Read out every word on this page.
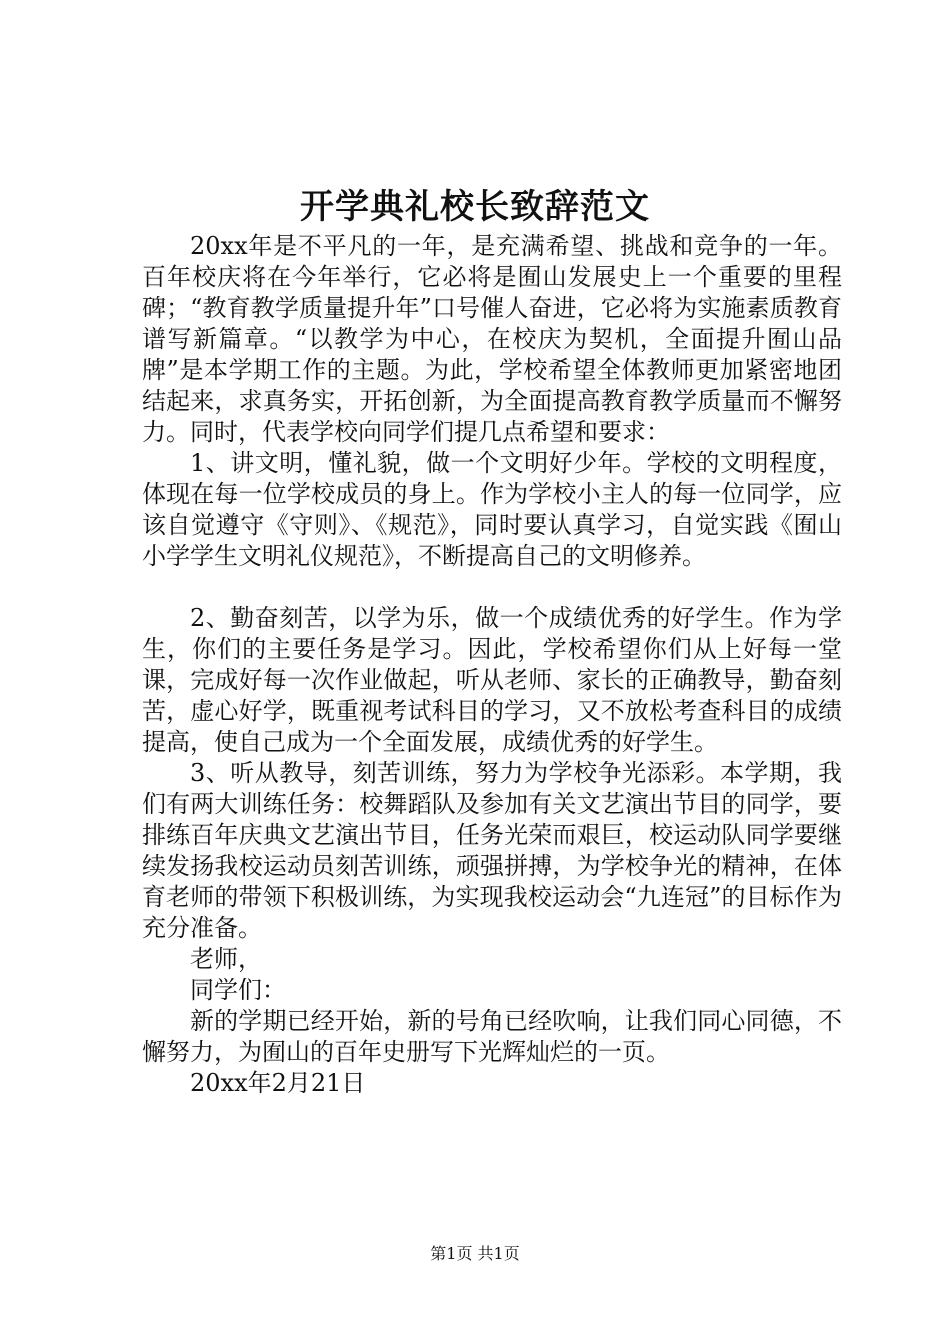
开学典礼校长致辞范文

20xx年是不平凡的一年，是充满希望、挑战和竞争的一年。百年校庆将在今年举行，它必将是囿山发展史上一个重要的里程碑；“教育教学质量提升年”口号催人奋进，它必将为实施素质教育谱写新篇章。“以教学为中心，在校庆为契机，全面提升囿山品牌”是本学期工作的主题。为此，学校希望全体教师更加紧密地团结起来，求真务实，开拓创新，为全面提高教育教学质量而不懈努力。同时，代表学校向同学们提几点希望和要求：

1、讲文明，懂礼貌，做一个文明好少年。学校的文明程度，体现在每一位学校成员的身上。作为学校小主人的每一位同学，应该自觉遵守《守则》、《规范》，同时要认真学习，自觉实践《囿山小学学生文明礼仪规范》，不断提高自己的文明修养。

2、勤奋刻苦，以学为乐，做一个成绩优秀的好学生。作为学生，你们的主要任务是学习。因此，学校希望你们从上好每一堂课，完成好每一次作业做起，听从老师、家长的正确教导，勤奋刻苦，虚心好学，既重视考试科目的学习，又不放松考查科目的成绩提高，使自己成为一个全面发展，成绩优秀的好学生。

3、听从教导，刻苦训练，努力为学校争光添彩。本学期，我们有两大训练任务：校舞蹈队及参加有关文艺演出节目的同学，要排练百年庆典文艺演出节目，任务光荣而艰巨，校运动队同学要继续发扬我校运动员刻苦训练，顽强拼搏，为学校争光的精神，在体育老师的带领下积极训练，为实现我校运动会“九连冠”的目标作为充分准备。

老师，

同学们：

新的学期已经开始，新的号角已经吹响，让我们同心同德，不懈努力，为囿山的百年史册写下光辉灿烂的一页。

20xx年2月21日

第1页 共1页
